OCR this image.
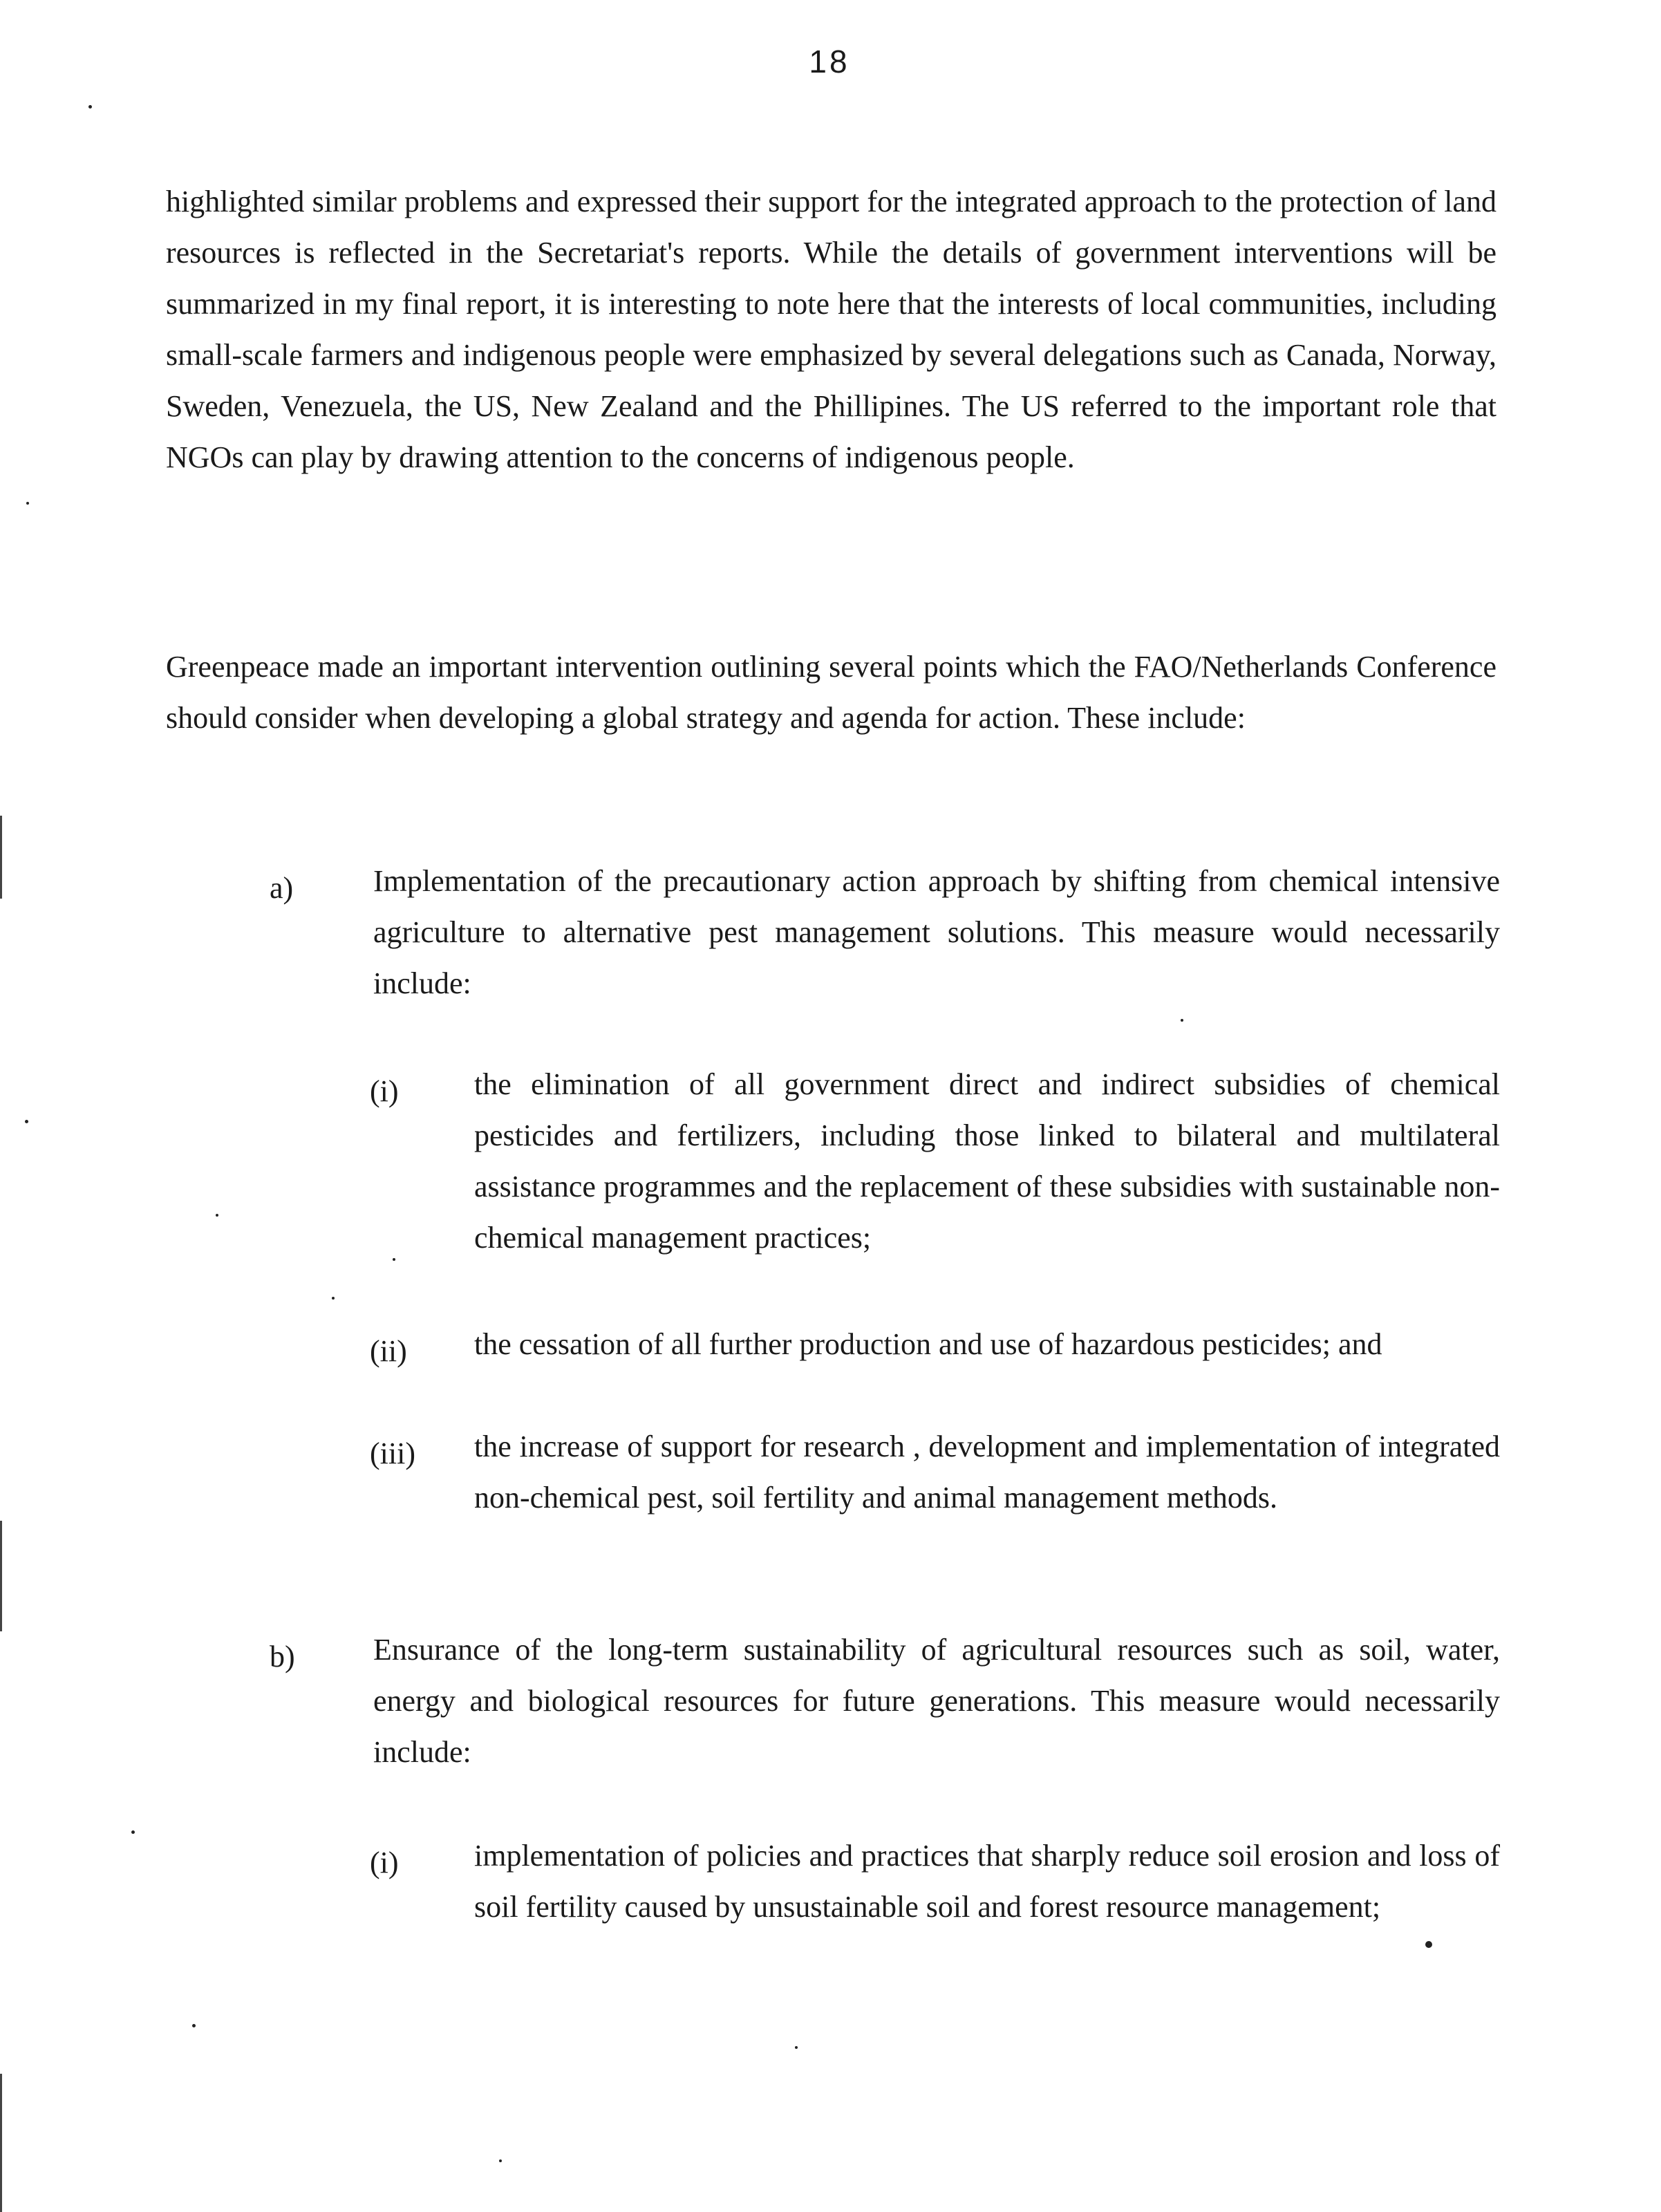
18

highlighted similar problems and expressed their support for the integrated approach to the protection of land resources is reflected in the Secretariat's reports. While the details of government interventions will be summarized in my final report, it is interesting to note here that the interests of local communities, including small-scale farmers and indigenous people were emphasized by several delegations such as Canada, Norway, Sweden, Venezuela, the US, New Zealand and the Phillipines. The US referred to the important role that NGOs can play by drawing attention to the concerns of indigenous people.

Greenpeace made an important intervention outlining several points which the FAO/Netherlands Conference should consider when developing a global strategy and agenda for action. These include:

a)	Implementation of the precautionary action approach by shifting from chemical intensive agriculture to alternative pest management solutions. This measure would necessarily include:

(i) the elimination of all government direct and indirect subsidies of chemical pesticides and fertilizers, including those linked to bilateral and multilateral assistance programmes and the replacement of these subsidies with sustainable non-chemical management practices;

(ii) the cessation of all further production and use of hazardous pesticides; and

(iii) the increase of support for research , development and implementation of integrated non-chemical pest, soil fertility and animal management methods.

b)	Ensurance of the long-term sustainability of agricultural resources such as soil, water, energy and biological resources for future generations. This measure would necessarily include:

(i) implementation of policies and practices that sharply reduce soil erosion and loss of soil fertility caused by unsustainable soil and forest resource management;
